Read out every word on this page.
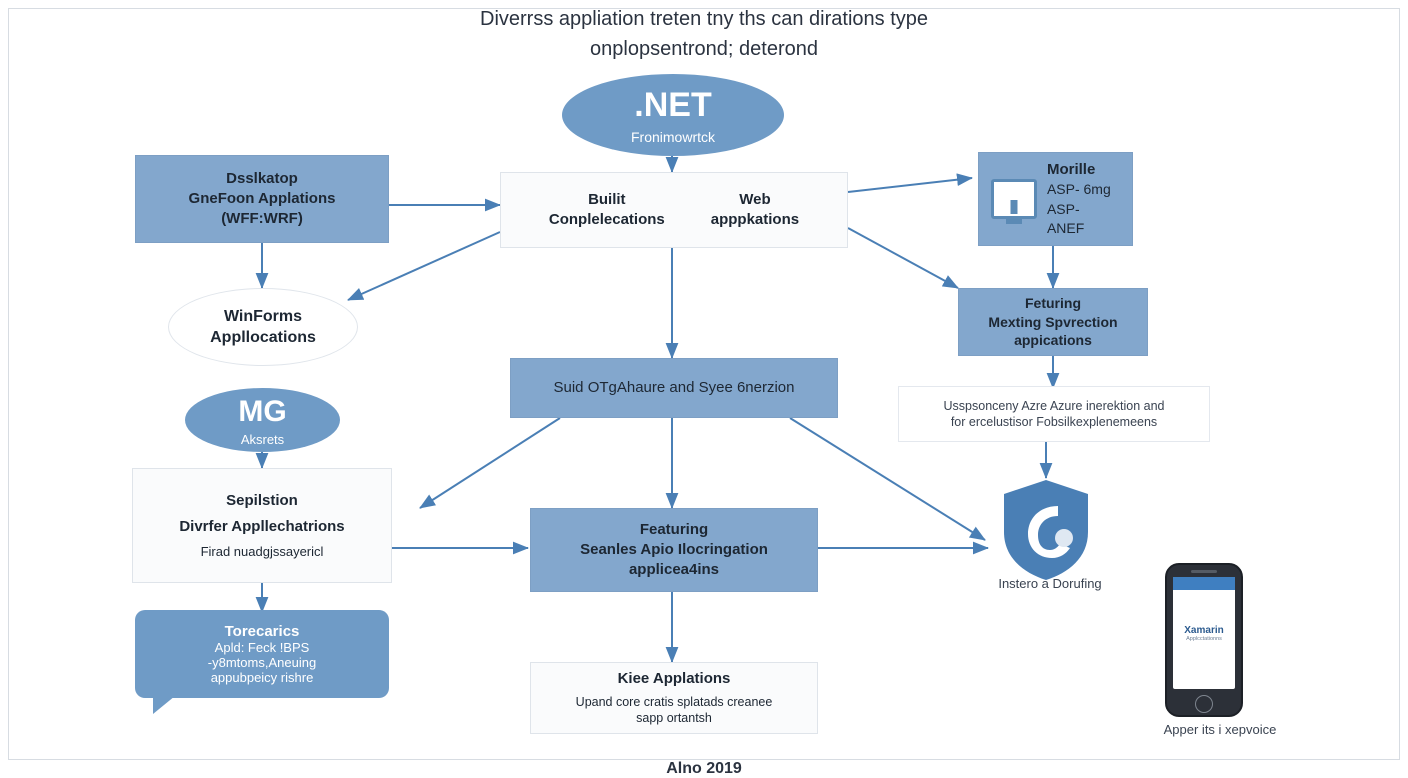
Diverrss appliation treten tny ths can dirations type
onplopsentrond; deterond
.NET
Fronimowrtck
Dsslkatop
GneFoon Applations
(WFF:WRF)
Builit
Conplelecations
Web
apppkations
Morille
ASP- 6mg
ASP- ANEF
WinForms
Appllocations
Feturing
Mexting Spvrection
appications
MG
Aksrets
Suid OTgAhaure and Syee 6nerzion
Usspsonceny Azre Azure inerektion and
for ercelustisor Fobsilkexplenemeens
Sepilstion
Divrfer Appllechatrions
Firad nuadgjssayericl
Featuring
Seanles Apio Ilocringation
applicea4ins
Torecarics
Apld: Feck !BPS
-y8mtoms,Aneuing
appubpeicy rishre	Kiee Applations
Upand core cratis splatads creanee
sapp ortantsh
Instero a Dorufing
Xamarin
Applcctationns
Apper its i xepvoice
Alno 2019
